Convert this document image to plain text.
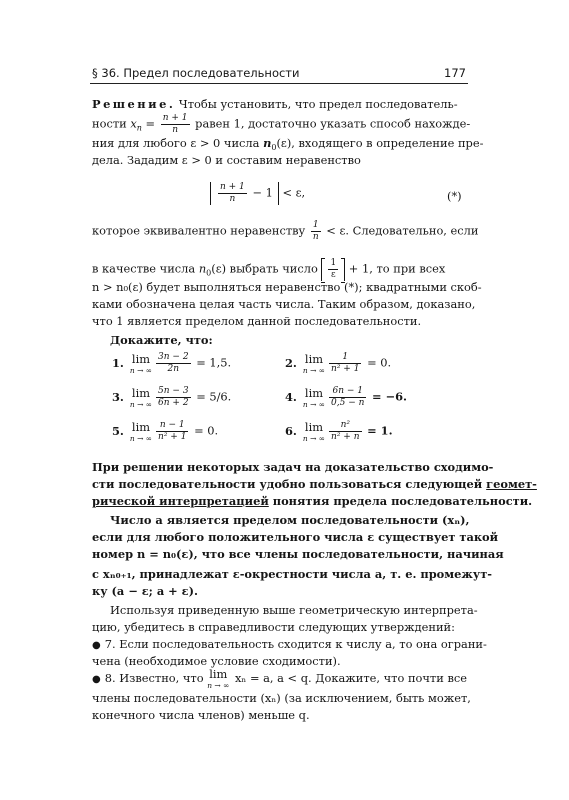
§ 36. Предел последовательности	177
Решение. Чтобы установить, что предел последователь-
ности $x_n = \frac{n + 1}{n}$ равен 1, достаточно указать способ нахожде-
ния для любого ε > 0 числа $n_0(\varepsilon)$, входящего в определение пре-
дела. Зададим ε > 0 и составим неравенство
$\frac{n + 1}{n} - 1 < \varepsilon$,	(*)
которое эквивалентно неравенству $\frac{1}{n} < \varepsilon$. Следовательно, если
в качестве числа $n_0(\varepsilon)$ выбрать число $\frac{1}{\varepsilon} + 1$, то при всех
n > n₀(ε) будет выполняться неравенство (*); квадратными скоб-
ками обозначена целая часть числа. Таким образом, доказано,
что 1 является пределом данной последовательности.
Докажите, что:
1. lim
n → ∞ $\frac{3n - 2}{2n} = 1,5$.	2. lim
n → ∞ $\frac{1}{\text{n² + 1}} = 0$.
3. lim
n → ∞ $\frac{5n - 3}{6n + 2} = 5/6$.	4. lim
n → ∞ $\frac{6n - 1}{0,5 - n} = -6$.
5. lim
n → ∞ $\frac{n - 1}{\text{n² + 1}} = 0$.	6. lim
n → ∞ $\frac{\text{n²}}{\text{n² + n}} = 1$.
При решении некоторых задач на доказательство сходимо-
сти последовательности удобно пользоваться следующей геомет-
рической интерпретацией понятия предела последовательности.
Число a является пределом последовательности (xₙ),
если для любого положительного числа ε существует такой
номер n = n₀(ε), что все члены последовательности, начиная
с xₙ₀₊₁, принадлежат ε-окрестности числа a, т. е. промежут-
ку (a − ε; a + ε).
Используя приведенную выше геометрическую интерпрета-
цию, убедитесь в справедливости следующих утверждений:
● 7. Если последовательность сходится к числу a, то она ограни-
чена (необходимое условие сходимости).
● 8. Известно, что lim
n → ∞
xₙ = a, a < q. Докажите, что почти все
члены последовательности (xₙ) (за исключением, быть может,
конечного числа членов) меньше q.
